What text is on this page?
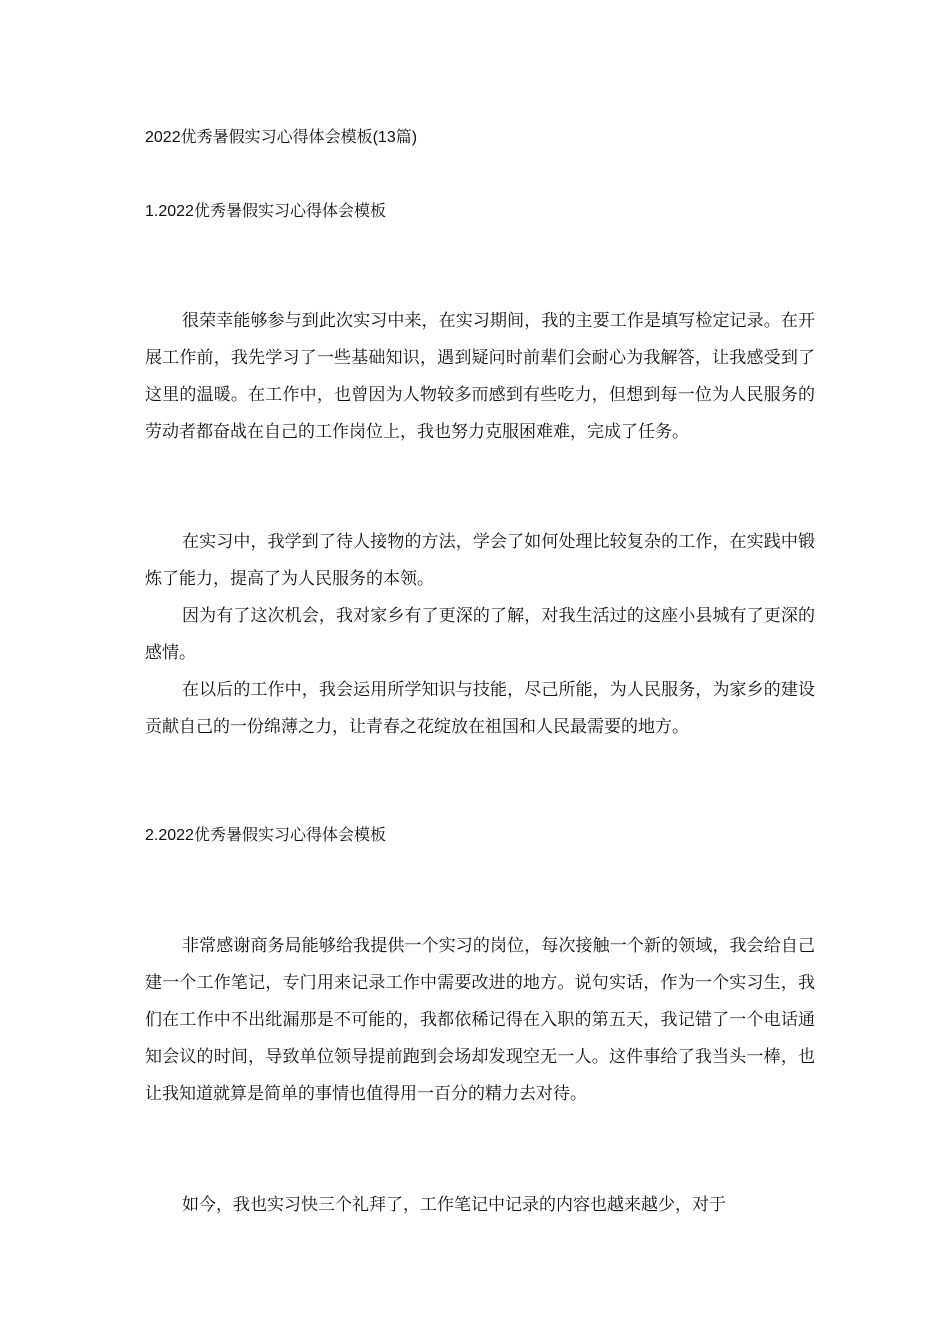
2022优秀暑假实习心得体会模板(13篇)
1.2022优秀暑假实习心得体会模板
很荣幸能够参与到此次实习中来，在实习期间，我的主要工作是填写检定记录。在开展工作前，我先学习了一些基础知识，遇到疑问时前辈们会耐心为我解答，让我感受到了这里的温暖。在工作中，也曾因为人物较多而感到有些吃力，但想到每一位为人民服务的劳动者都奋战在自己的工作岗位上，我也努力克服困难难，完成了任务。
在实习中，我学到了待人接物的方法，学会了如何处理比较复杂的工作，在实践中锻炼了能力，提高了为人民服务的本领。
因为有了这次机会，我对家乡有了更深的了解，对我生活过的这座小县城有了更深的感情。
在以后的工作中，我会运用所学知识与技能，尽己所能，为人民服务，为家乡的建设贡献自己的一份绵薄之力，让青春之花绽放在祖国和人民最需要的地方。
2.2022优秀暑假实习心得体会模板
非常感谢商务局能够给我提供一个实习的岗位，每次接触一个新的领域，我会给自己建一个工作笔记，专门用来记录工作中需要改进的地方。说句实话，作为一个实习生，我们在工作中不出纰漏那是不可能的，我都依稀记得在入职的第五天，我记错了一个电话通知会议的时间，导致单位领导提前跑到会场却发现空无一人。这件事给了我当头一棒，也让我知道就算是简单的事情也值得用一百分的精力去对待。
如今，我也实习快三个礼拜了，工作笔记中记录的内容也越来越少，对于
